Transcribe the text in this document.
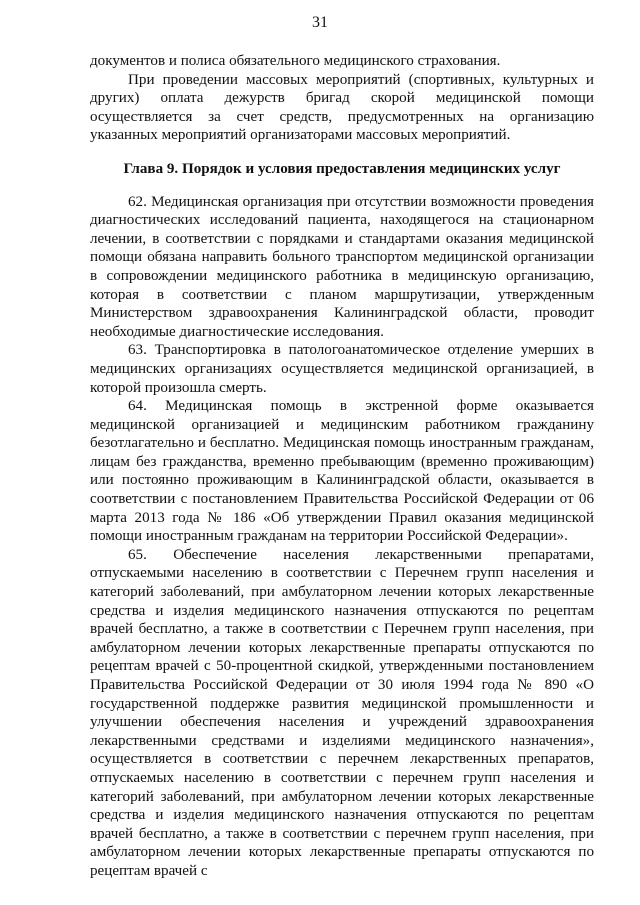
31

документов и полиса обязательного медицинского страхования.

При проведении массовых мероприятий (спортивных, культурных и других) оплата дежурств бригад скорой медицинской помощи осуществляется за счет средств, предусмотренных на организацию указанных мероприятий организаторами массовых мероприятий.

Глава 9. Порядок и условия предоставления медицинских услуг

62. Медицинская организация при отсутствии возможности проведения диагностических исследований пациента, находящегося на стационарном лечении, в соответствии с порядками и стандартами оказания медицинской помощи обязана направить больного транспортом медицинской организации в сопровождении медицинского работника в медицинскую организацию, которая в соответствии с планом маршрутизации, утвержденным Министерством здравоохранения Калининградской области, проводит необходимые диагностические исследования.

63. Транспортировка в патологоанатомическое отделение умерших в медицинских организациях осуществляется медицинской организацией, в которой произошла смерть.

64. Медицинская помощь в экстренной форме оказывается медицинской организацией и медицинским работником гражданину безотлагательно и бесплатно. Медицинская помощь иностранным гражданам, лицам без гражданства, временно пребывающим (временно проживающим) или постоянно проживающим в Калининградской области, оказывается в соответствии с постановлением Правительства Российской Федерации от 06 марта 2013 года № 186 «Об утверждении Правил оказания медицинской помощи иностранным гражданам на территории Российской Федерации».

65. Обеспечение населения лекарственными препаратами, отпускаемыми населению в соответствии с Перечнем групп населения и категорий заболеваний, при амбулаторном лечении которых лекарственные средства и изделия медицинского назначения отпускаются по рецептам врачей бесплатно, а также в соответствии с Перечнем групп населения, при амбулаторном лечении которых лекарственные препараты отпускаются по рецептам врачей с 50-процентной скидкой, утвержденными постановлением Правительства Российской Федерации от 30 июля 1994 года № 890 «О государственной поддержке развития медицинской промышленности и улучшении обеспечения населения и учреждений здравоохранения лекарственными средствами и изделиями медицинского назначения», осуществляется в соответствии с перечнем лекарственных препаратов, отпускаемых населению в соответствии с перечнем групп населения и категорий заболеваний, при амбулаторном лечении которых лекарственные средства и изделия медицинского назначения отпускаются по рецептам врачей бесплатно, а также в соответствии с перечнем групп населения, при амбулаторном лечении которых лекарственные препараты отпускаются по рецептам врачей с
